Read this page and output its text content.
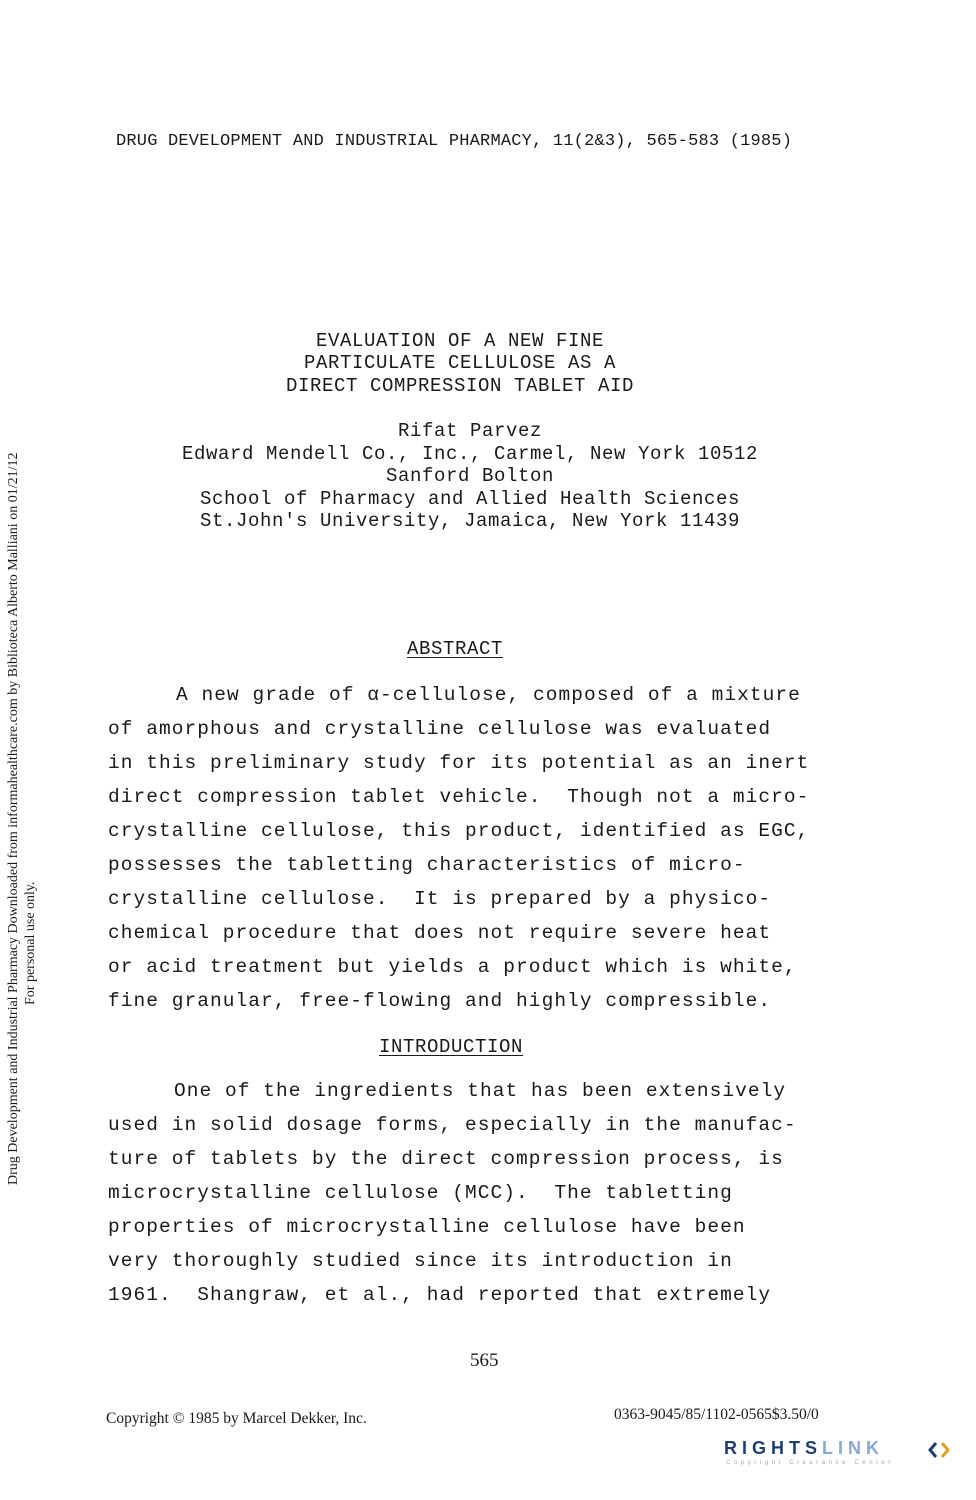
DRUG DEVELOPMENT AND INDUSTRIAL PHARMACY, 11(2&3), 565-583 (1985)
EVALUATION OF A NEW FINE
PARTICULATE CELLULOSE AS A
DIRECT COMPRESSION TABLET AID
Rifat Parvez
Edward Mendell Co., Inc., Carmel, New York 10512
Sanford Bolton
School of Pharmacy and Allied Health Sciences
St.John's University, Jamaica, New York 11439
ABSTRACT
A new grade of α-cellulose, composed of a mixture
of amorphous and crystalline cellulose was evaluated
in this preliminary study for its potential as an inert
direct compression tablet vehicle.  Though not a micro-
crystalline cellulose, this product, identified as EGC,
possesses the tabletting characteristics of micro-
crystalline cellulose.  It is prepared by a physico-
chemical procedure that does not require severe heat
or acid treatment but yields a product which is white,
fine granular, free-flowing and highly compressible.
INTRODUCTION
One of the ingredients that has been extensively
used in solid dosage forms, especially in the manufac-
ture of tablets by the direct compression process, is
microcrystalline cellulose (MCC).  The tabletting
properties of microcrystalline cellulose have been
very thoroughly studied since its introduction in
1961.  Shangraw, et al., had reported that extremely
Drug Development and Industrial Pharmacy Downloaded from informahealthcare.com by Biblioteca Alberto Malliani on 01/21/12 For personal use only.
565
Copyright © 1985 by Marcel Dekker, Inc.	0363-9045/85/1102-0565$3.50/0
RIGHTSLINK
Copyright Clearance Center
